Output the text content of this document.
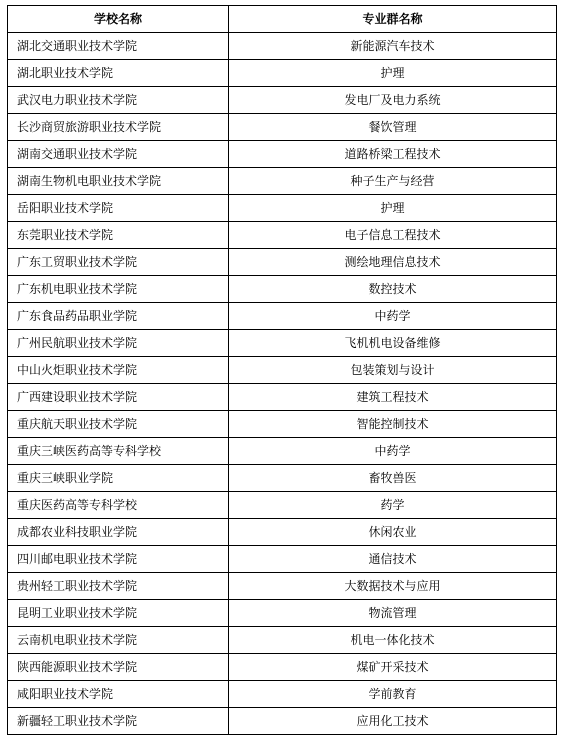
学校名称	专业群名称
湖北交通职业技术学院	新能源汽车技术
湖北职业技术学院	护理
武汉电力职业技术学院	发电厂及电力系统
长沙商贸旅游职业技术学院	餐饮管理
湖南交通职业技术学院	道路桥梁工程技术
湖南生物机电职业技术学院	种子生产与经营
岳阳职业技术学院	护理
东莞职业技术学院	电子信息工程技术
广东工贸职业技术学院	测绘地理信息技术
广东机电职业技术学院	数控技术
广东食品药品职业学院	中药学
广州民航职业技术学院	飞机机电设备维修
中山火炬职业技术学院	包装策划与设计
广西建设职业技术学院	建筑工程技术
重庆航天职业技术学院	智能控制技术
重庆三峡医药高等专科学校	中药学
重庆三峡职业学院	畜牧兽医
重庆医药高等专科学校	药学
成都农业科技职业学院	休闲农业
四川邮电职业技术学院	通信技术
贵州轻工职业技术学院	大数据技术与应用
昆明工业职业技术学院	物流管理
云南机电职业技术学院	机电一体化技术
陕西能源职业技术学院	煤矿开采技术
咸阳职业技术学院	学前教育
新疆轻工职业技术学院	应用化工技术
